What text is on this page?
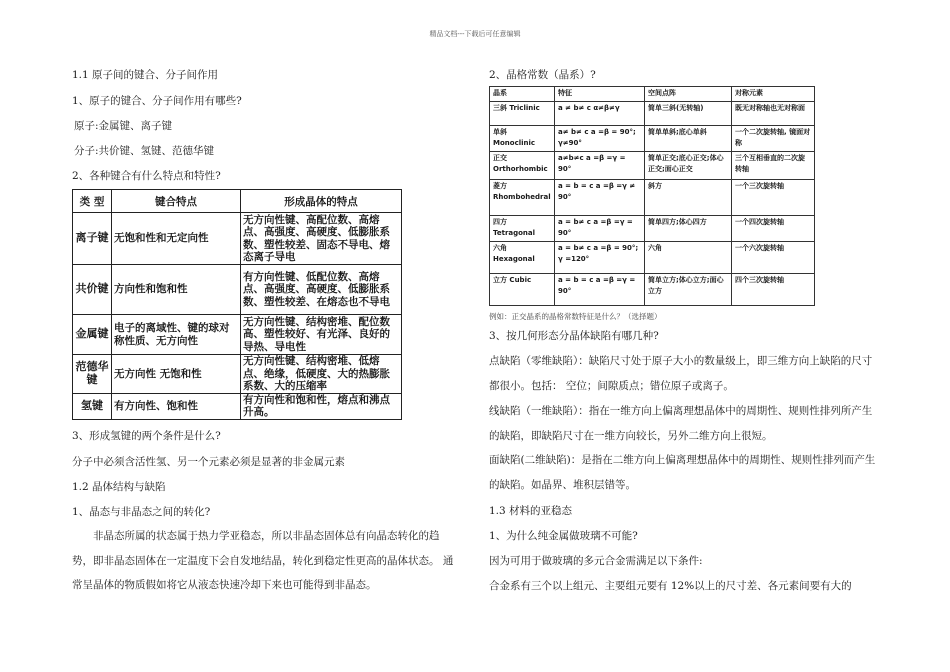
精品文档---下载后可任意编辑
1.1 原子间的键合、分子间作用
1、原子的键合、分子间作用有哪些?
原子:金属键、离子键
分子:共价键、氢键、范德华键
2、各种键合有什么特点和特性?
类 型	键合特点	形成晶体的特点
离子键	无饱和性和无定向性	无方向性键、高配位数、高熔点、高强度、高硬度、低膨胀系数、塑性较差、固态不导电、熔态离子导电
共价键	方向性和饱和性	有方向性键、低配位数、高熔点、高强度、高硬度、低膨胀系数、塑性较差、在熔态也不导电
金属键	电子的离域性、键的球对称性质、无方向性	无方向性键、结构密堆、配位数高、塑性较好、有光泽、良好的导热、导电性
范德华键	无方向性 无饱和性	无方向性键、结构密堆、低熔点、绝缘，低硬度、大的热膨胀系数、大的压缩率
氢键	有方向性、饱和性	有方向性和饱和性，熔点和沸点升高。
3、形成氢键的两个条件是什么?
分子中必须含活性氢、另一个元素必须是显著的非金属元素
1.2 晶体结构与缺陷
1、晶态与非晶态之间的转化?
非晶态所属的状态属于热力学亚稳态，所以非晶态固体总有向晶态转化的趋势，即非晶态固体在一定温度下会自发地结晶，转化到稳定性更高的晶体状态。 通常呈晶体的物质假如将它从液态快速冷却下来也可能得到非晶态。
2、晶格常数（晶系）?
晶系	特征	空间点阵	对称元素
三斜 Triclinic	a ≠ b≠ c α≠β≠γ	简单三斜(无转轴)	既无对称轴也无对称面
单斜 Monoclinic	a≠ b≠ c a =β = 90°; γ≠90°	简单单斜;底心单斜	一个二次旋转轴, 镜面对称
正交 Orthorhombic	a≠b≠c a =β =γ = 90°	简单正交;底心正交;体心正交;面心正交	三个互相垂直的二次旋转轴
菱方 Rhombohedral	a = b = c a =β =γ ≠ 90°	斜方	一个三次旋转轴
四方 Tetragonal	a = b≠ c a =β =γ = 90°	简单四方;体心四方	一个四次旋转轴
六角 Hexagonal	a = b≠ c a =β = 90°; γ =120°	六角	一个六次旋转轴
立方 Cubic	a = b = c a =β =γ = 90°	简单立方;体心立方;面心立方	四个三次旋转轴
例如：正交晶系的晶格常数特征是什么？（选择题）
3、按几何形态分晶体缺陷有哪几种?
点缺陷（零维缺陷）：缺陷尺寸处于原子大小的数量级上，即三维方向上缺陷的尺寸都很小。包括： 空位；间隙质点；错位原子或离子。
线缺陷（一维缺陷）：指在一维方向上偏离理想晶体中的周期性、规则性排列所产生的缺陷，即缺陷尺寸在一维方向较长，另外二维方向上很短。
面缺陷(二维缺陷)：是指在二维方向上偏离理想晶体中的周期性、规则性排列而产生的缺陷。如晶界、堆积层错等。
1.3 材料的亚稳态
1、为什么纯金属做玻璃不可能?
因为可用于做玻璃的多元合金需满足以下条件:
合金系有三个以上组元、主要组元要有 12%以上的尺寸差、各元素间要有大的
